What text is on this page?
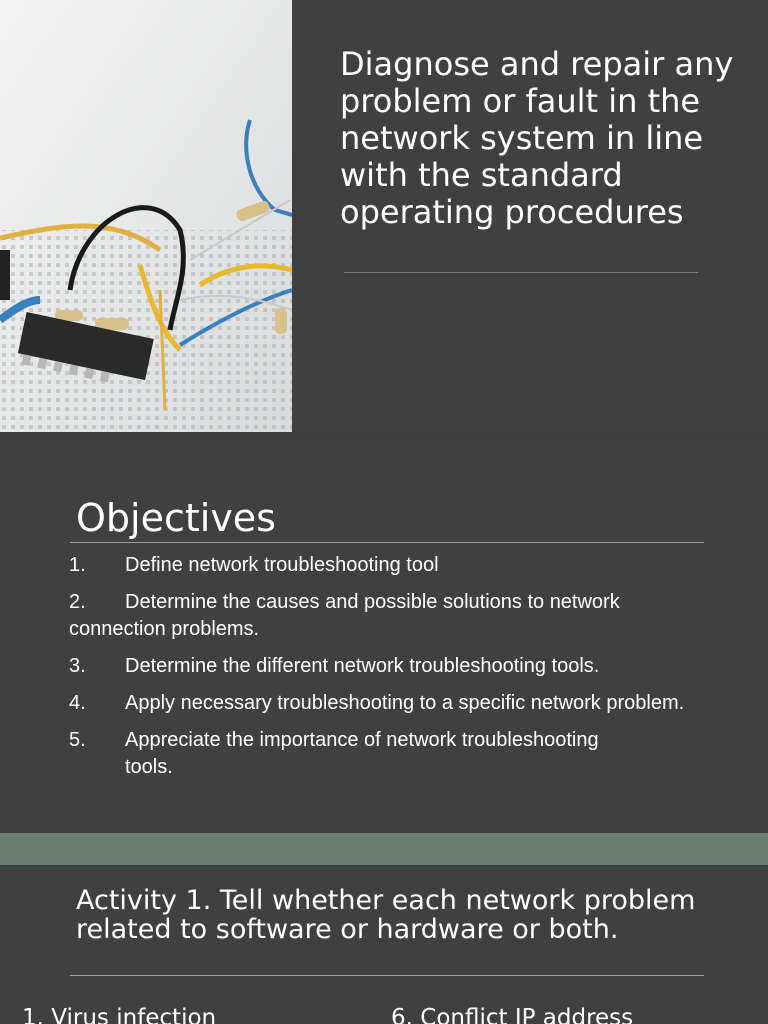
Diagnose and repair any problem or fault in the network system in line with the standard operating procedures
Objectives
1. Define network troubleshooting tool
2. Determine the causes and possible solutions to network connection problems.
3. Determine the different network troubleshooting tools.
4. Apply necessary troubleshooting to a specific network problem.
5. Appreciate the importance of network troubleshooting
tools.
Activity 1. Tell whether each network problem related to software or hardware or both.
1. Virus infection	6. Conflict IP address
